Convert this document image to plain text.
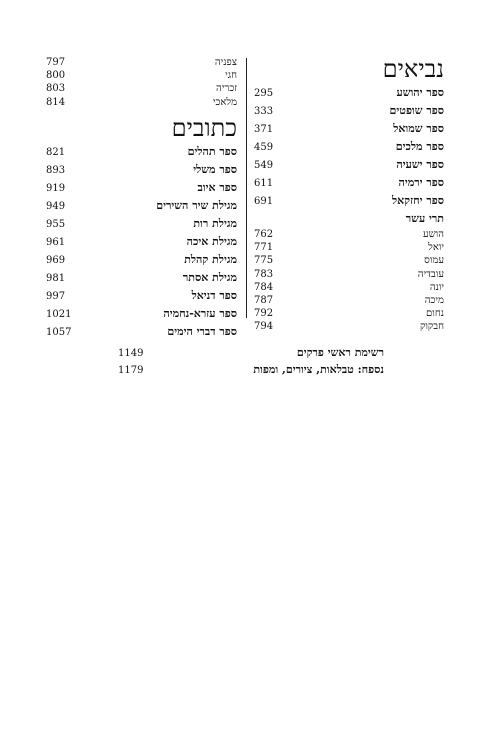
נביאים
295	ספר יהושע
333	ספר שופטים
371	ספר שמואל
459	ספר מלכים
549	ספר ישעיה
611	ספר ירמיה
691	ספר יחזקאל
תרי עשר
762	הושע
771	יואל
775	עמוס
783	עובדיה
784	יונה
787	מיכה
792	נחום
794	חבקוק
797	צפניה
800	חגי
803	זכריה
814	מלאכי
כתובים
821	ספר תהלים
893	ספר משלי
919	ספר איוב
949	מגילת שיר השירים
955	מגילת רות
961	מגילת איכה
969	מגילת קהלת
981	מגילת אסתר
997	ספר דניאל
1021	ספר עזרא-נחמיה
1057	ספר דברי הימים
1149	רשימת ראשי פרקים
1179	נספח: טבלאות, ציורים, ומפות
